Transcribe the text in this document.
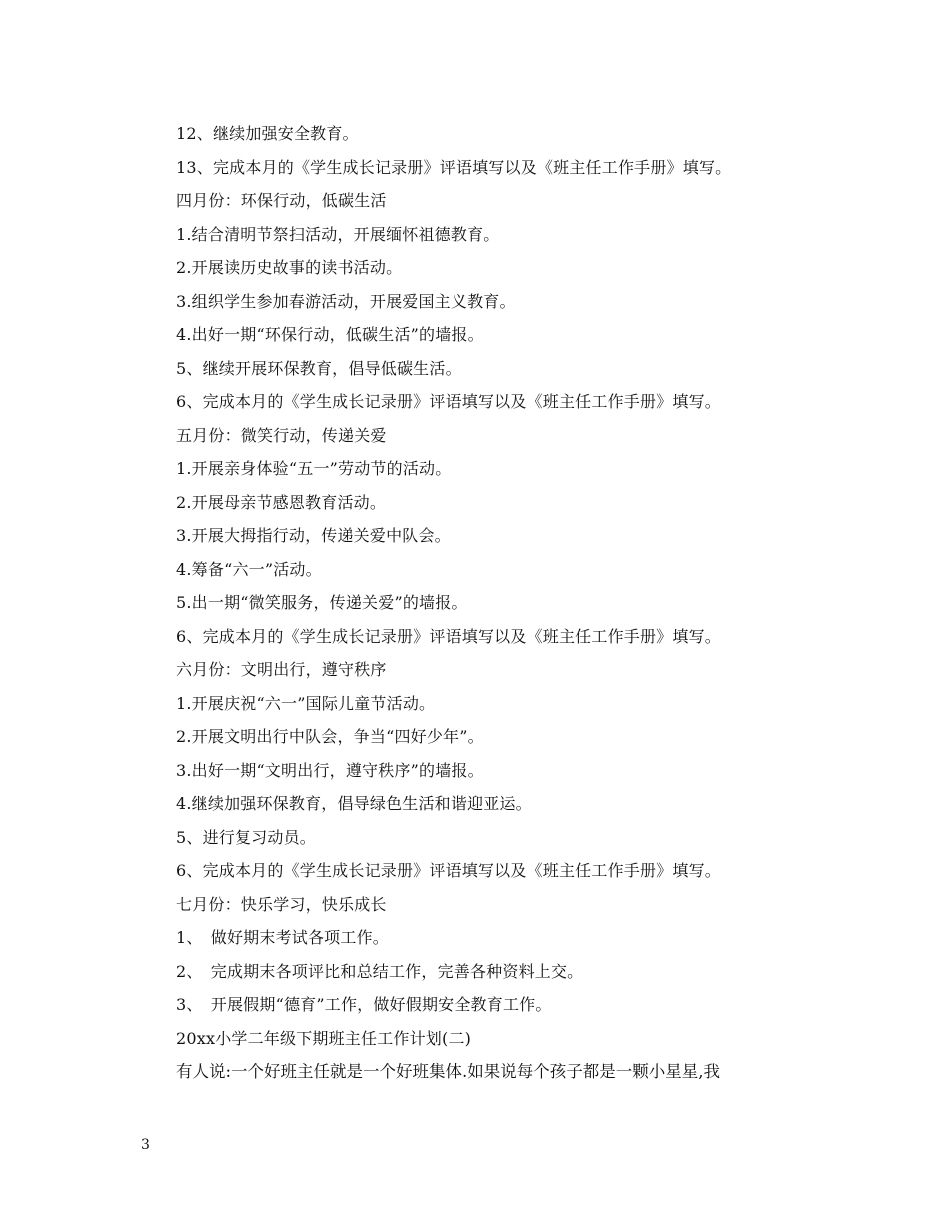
12、继续加强安全教育。
13、完成本月的《学生成长记录册》评语填写以及《班主任工作手册》填写。
四月份：环保行动，低碳生活
1.结合清明节祭扫活动，开展缅怀祖德教育。
2.开展读历史故事的读书活动。
3.组织学生参加春游活动，开展爱国主义教育。
4.出好一期“环保行动，低碳生活”的墙报。
5、继续开展环保教育，倡导低碳生活。
6、完成本月的《学生成长记录册》评语填写以及《班主任工作手册》填写。
五月份：微笑行动，传递关爱
1.开展亲身体验“五一”劳动节的活动。
2.开展母亲节感恩教育活动。
3.开展大拇指行动，传递关爱中队会。
4.筹备“六一”活动。
5.出一期“微笑服务，传递关爱”的墙报。
6、完成本月的《学生成长记录册》评语填写以及《班主任工作手册》填写。
六月份：文明出行，遵守秩序
1.开展庆祝“六一”国际儿童节活动。
2.开展文明出行中队会，争当“四好少年”。
3.出好一期“文明出行，遵守秩序”的墙报。
4.继续加强环保教育，倡导绿色生活和谐迎亚运。
5、进行复习动员。
6、完成本月的《学生成长记录册》评语填写以及《班主任工作手册》填写。
七月份：快乐学习，快乐成长
1、　做好期末考试各项工作。
2、　完成期末各项评比和总结工作，完善各种资料上交。
3、　开展假期“德育”工作，做好假期安全教育工作。
20xx小学二年级下期班主任工作计划(二)
有人说:一个好班主任就是一个好班集体.如果说每个孩子都是一颗小星星,我
3
